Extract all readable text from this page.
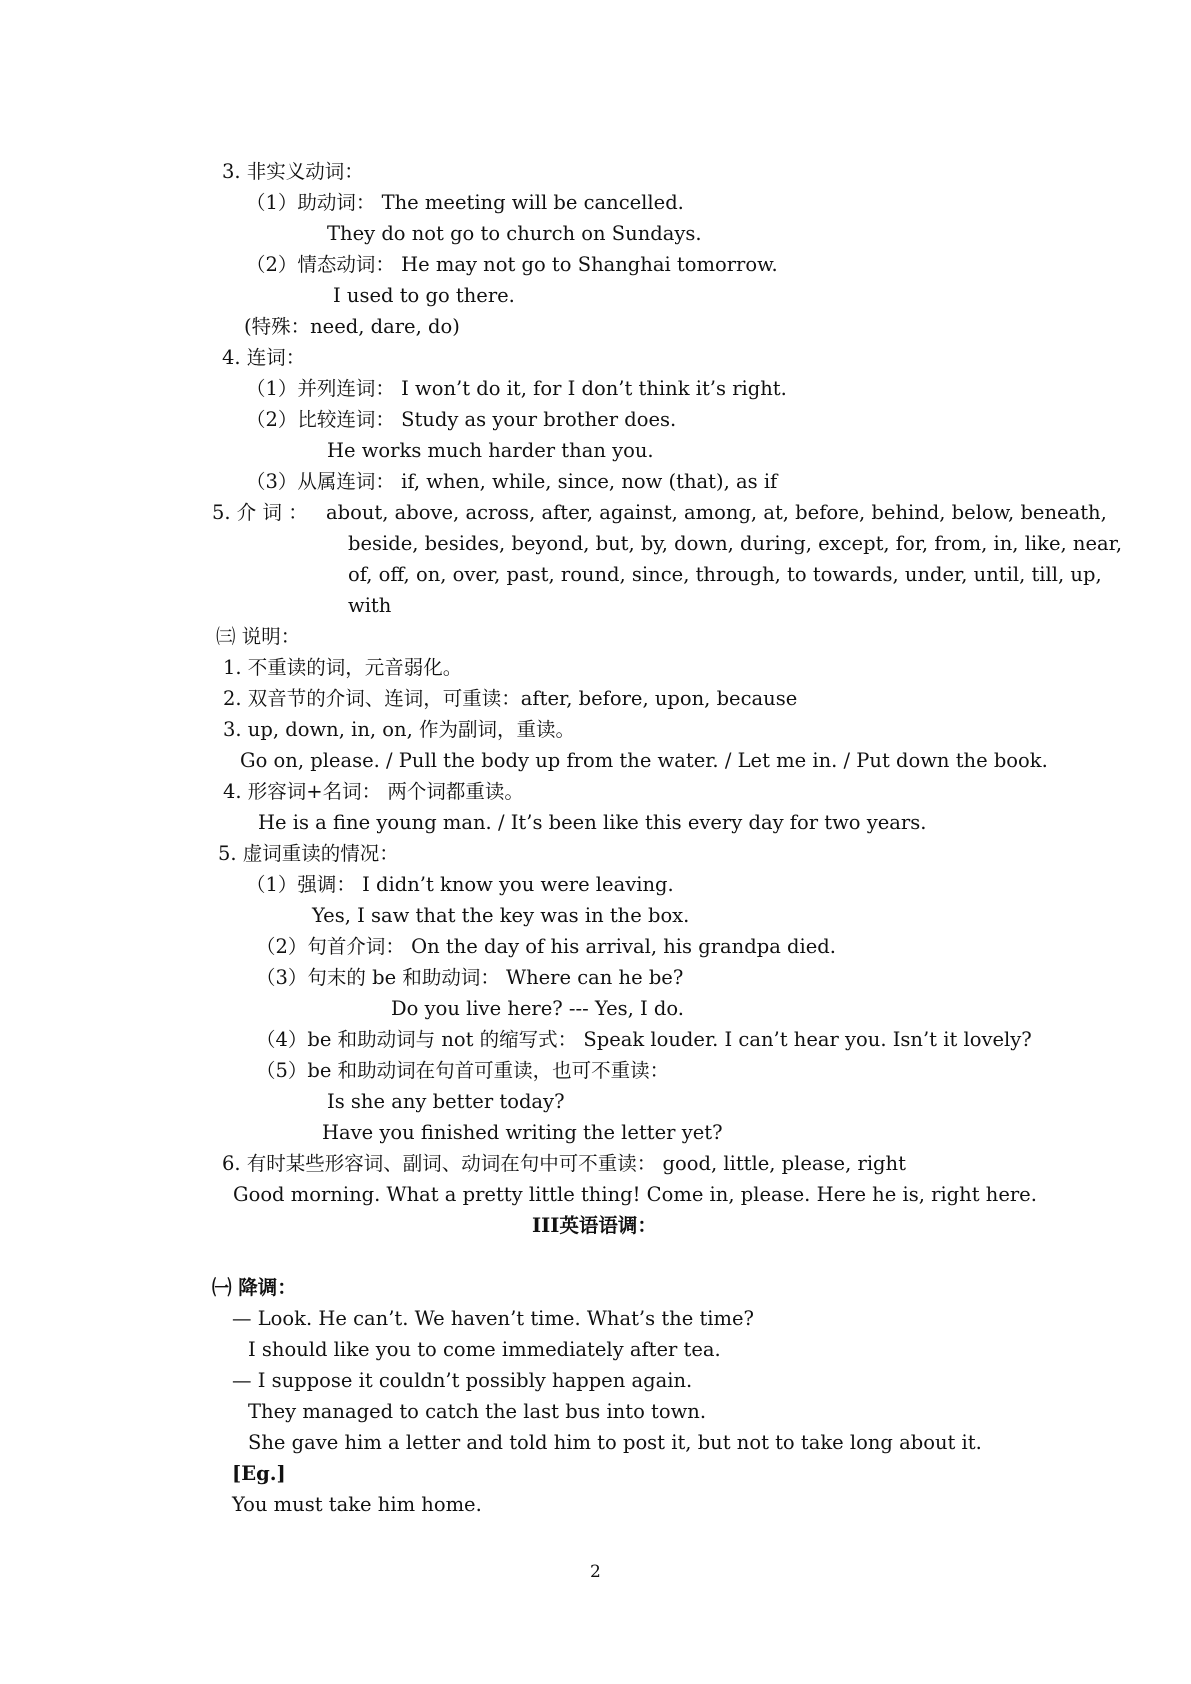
3. 非实义动词：
（1）助动词： The meeting will be cancelled.
They do not go to church on Sundays.
（2）情态动词： He may not go to Shanghai tomorrow.
I used to go there.
(特殊：need, dare, do)
4. 连词：
（1）并列连词： I won’t do it, for I don’t think it’s right.
（2）比较连词： Study as your brother does.
He works much harder than you.
（3）从属连词： if, when, while, since, now (that), as if
5. 介 词 ： about, above, across, after, against, among, at, before, behind, below, beneath,
beside, besides, beyond, but, by, down, during, except, for, from, in, like, near,
of, off, on, over, past, round, since, through, to towards, under, until, till, up,
with
㈢ 说明：
1. 不重读的词，元音弱化。
2. 双音节的介词、连词，可重读：after, before, upon, because
3. up, down, in, on, 作为副词，重读。
Go on, please. / Pull the body up from the water. / Let me in. / Put down the book.
4. 形容词+名词： 两个词都重读。
He is a fine young man. / It’s been like this every day for two years.
5. 虚词重读的情况：
（1）强调： I didn’t know you were leaving.
Yes, I saw that the key was in the box.
（2）句首介词： On the day of his arrival, his grandpa died.
（3）句末的 be 和助动词： Where can he be?
Do you live here? --- Yes, I do.
（4）be 和助动词与 not 的缩写式： Speak louder. I can’t hear you. Isn’t it lovely?
（5）be 和助动词在句首可重读，也可不重读：
Is she any better today?
Have you finished writing the letter yet?
6. 有时某些形容词、副词、动词在句中可不重读： good, little, please, right
Good morning. What a pretty little thing! Come in, please. Here he is, right here.
III英语语调：
㈠ 降调：
— Look. He can’t. We haven’t time. What’s the time?
I should like you to come immediately after tea.
— I suppose it couldn’t possibly happen again.
They managed to catch the last bus into town.
She gave him a letter and told him to post it, but not to take long about it.
[Eg.]
You must take him home.
2
